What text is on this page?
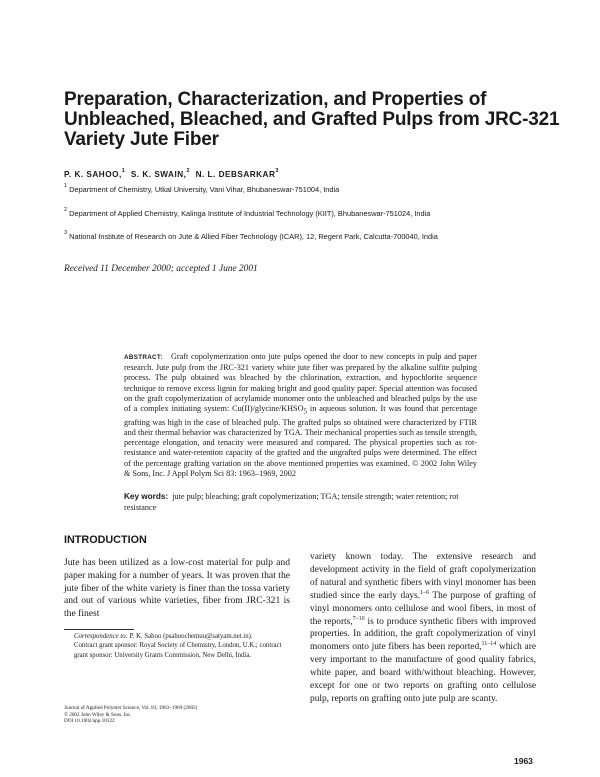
Preparation, Characterization, and Properties of Unbleached, Bleached, and Grafted Pulps from JRC-321 Variety Jute Fiber
P. K. SAHOO,$^1$ S. K. SWAIN,$^2$ N. L. DEBSARKAR$^3$
$^1$ Department of Chemistry, Utkal University, Vani Vihar, Bhubaneswar-751004, India
$^2$ Department of Applied Chemistry, Kalinga Institute of Industrial Technology (KIIT), Bhubaneswar-751024, India
$^3$ National Institute of Research on Jute & Allied Fiber Technology (ICAR), 12, Regent Park, Calcutta-700040, India
Received 11 December 2000; accepted 1 June 2001

ABSTRACT: Graft copolymerization onto jute pulps opened the door to new concepts in pulp and paper research. Jute pulp from the JRC-321 variety white jute fiber was prepared by the alkaline sulfite pulping process. The pulp obtained was bleached by the chlorination, extraction, and hypochlorite sequence technique to remove excess lignin for making bright and good quality paper. Special attention was focused on the graft copolymerization of acrylamide monomer onto the unbleached and bleached pulps by the use of a complex initiating system: $Cu(II)/glycine/KHSO_5$ in aqueous solution. It was found that percentage grafting was high in the case of bleached pulp. The grafted pulps so obtained were characterized by FTIR and their thermal behavior was characterized by TGA. Their mechanical properties such as tensile strength, percentage elongation, and tenacity were measured and compared. The physical properties such as rot-resistance and water-retention capacity of the grafted and the ungrafted pulps were determined. The effect of the percentage grafting variation on the above mentioned properties was examined. © 2002 John Wiley & Sons, Inc. J Appl Polym Sci 83: 1963–1969, 2002

Key words: jute pulp; bleaching; graft copolymerization; TGA; tensile strength; water retention; rot resistance

INTRODUCTION

Jute has been utilized as a low-cost material for pulp and paper making for a number of years. It was proven that the jute fiber of the white variety is finer than the tossa variety and out of various white varieties, fiber from JRC-321 is the finest

Correspondence to: P. K. Sahoo (psahoochemuu@satyam.net.in).

Contract grant sponsor: Royal Society of Chemistry, London, U.K.; contract grant sponsor: University Grants Commission, New Delhi, India.

Journal of Applied Polymer Science, Vol. 83, 1963–1969 (2002)

© 2002 John Wiley & Sons, Inc.

DOI 10.1002/app.10122

variety known today. The extensive research and development activity in the field of graft copolymerization of natural and synthetic fibers with vinyl monomer has been studied since the early days.$^{1-6}$ The purpose of grafting of vinyl monomers onto cellulose and wool fibers, in most of the reports,$^{7-10}$ is to produce synthetic fibers with improved properties. In addition, the graft copolymerization of vinyl monomers onto jute fibers has been reported,$^{11-14}$ which are very important to the manufacture of good quality fabrics, white paper, and board with/without bleaching. However, except for one or two reports on grafting onto cellulose pulp, reports on grafting onto jute pulp are scanty.

1963
